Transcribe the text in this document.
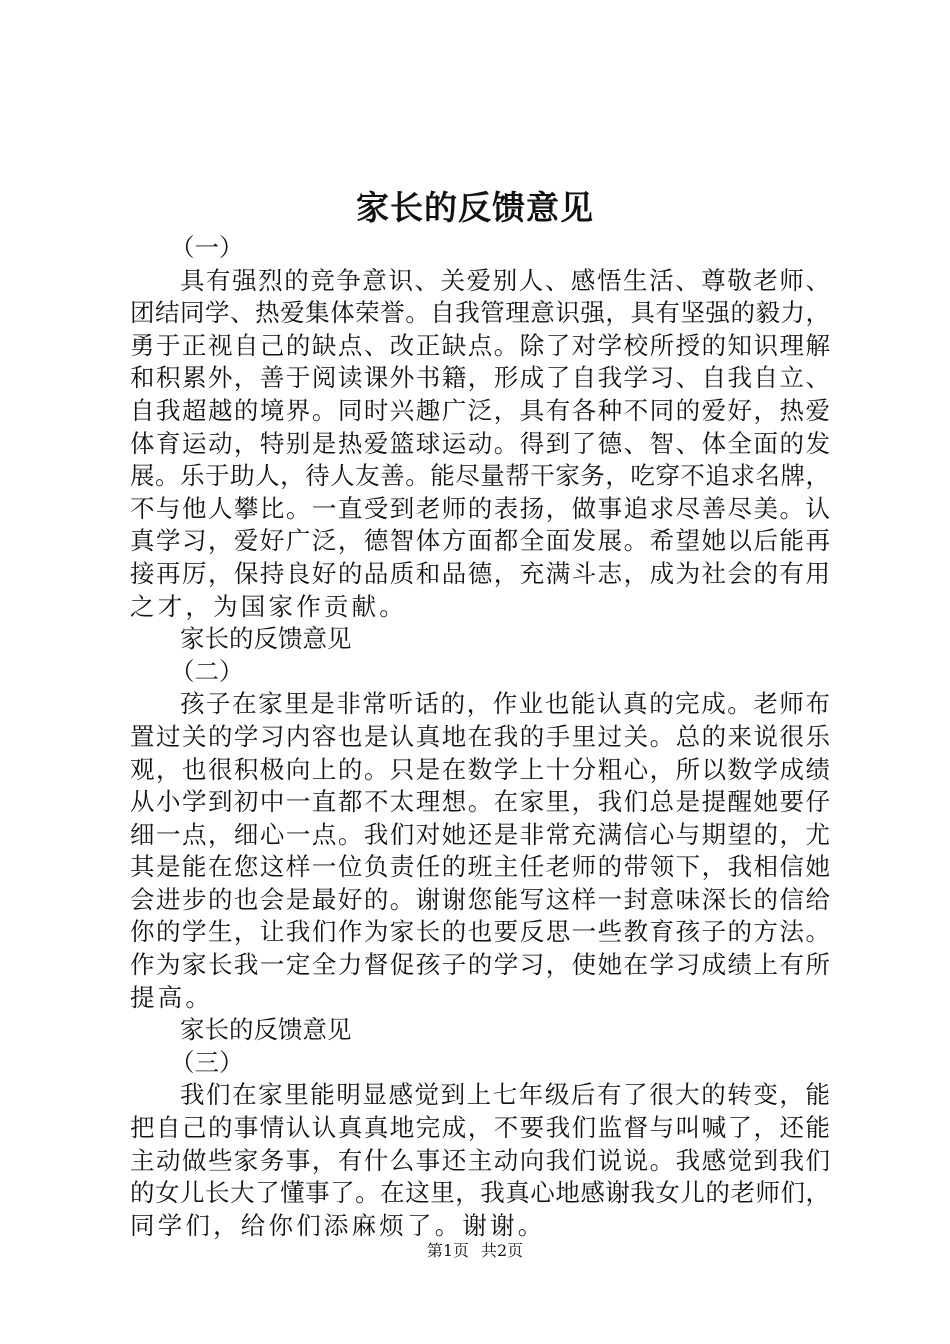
家长的反馈意见
（一）
具有强烈的竞争意识、关爱别人、感悟生活、尊敬老师、
团结同学、热爱集体荣誉。自我管理意识强，具有坚强的毅力，
勇于正视自己的缺点、改正缺点。除了对学校所授的知识理解
和积累外，善于阅读课外书籍，形成了自我学习、自我自立、
自我超越的境界。同时兴趣广泛，具有各种不同的爱好，热爱
体育运动，特别是热爱篮球运动。得到了德、智、体全面的发
展。乐于助人，待人友善。能尽量帮干家务，吃穿不追求名牌，
不与他人攀比。一直受到老师的表扬，做事追求尽善尽美。认
真学习，爱好广泛，德智体方面都全面发展。希望她以后能再
接再厉，保持良好的品质和品德，充满斗志，成为社会的有用
之才，为国家作贡献。
家长的反馈意见
（二）
孩子在家里是非常听话的，作业也能认真的完成。老师布
置过关的学习内容也是认真地在我的手里过关。总的来说很乐
观，也很积极向上的。只是在数学上十分粗心，所以数学成绩
从小学到初中一直都不太理想。在家里，我们总是提醒她要仔
细一点，细心一点。我们对她还是非常充满信心与期望的，尤
其是能在您这样一位负责任的班主任老师的带领下，我相信她
会进步的也会是最好的。谢谢您能写这样一封意味深长的信给
你的学生，让我们作为家长的也要反思一些教育孩子的方法。
作为家长我一定全力督促孩子的学习，使她在学习成绩上有所
提高。
家长的反馈意见
（三）
我们在家里能明显感觉到上七年级后有了很大的转变，能
把自己的事情认认真真地完成，不要我们监督与叫喊了，还能
主动做些家务事，有什么事还主动向我们说说。我感觉到我们
的女儿长大了懂事了。在这里，我真心地感谢我女儿的老师们，
同学们，给你们添麻烦了。谢谢。
第1页 共2页
